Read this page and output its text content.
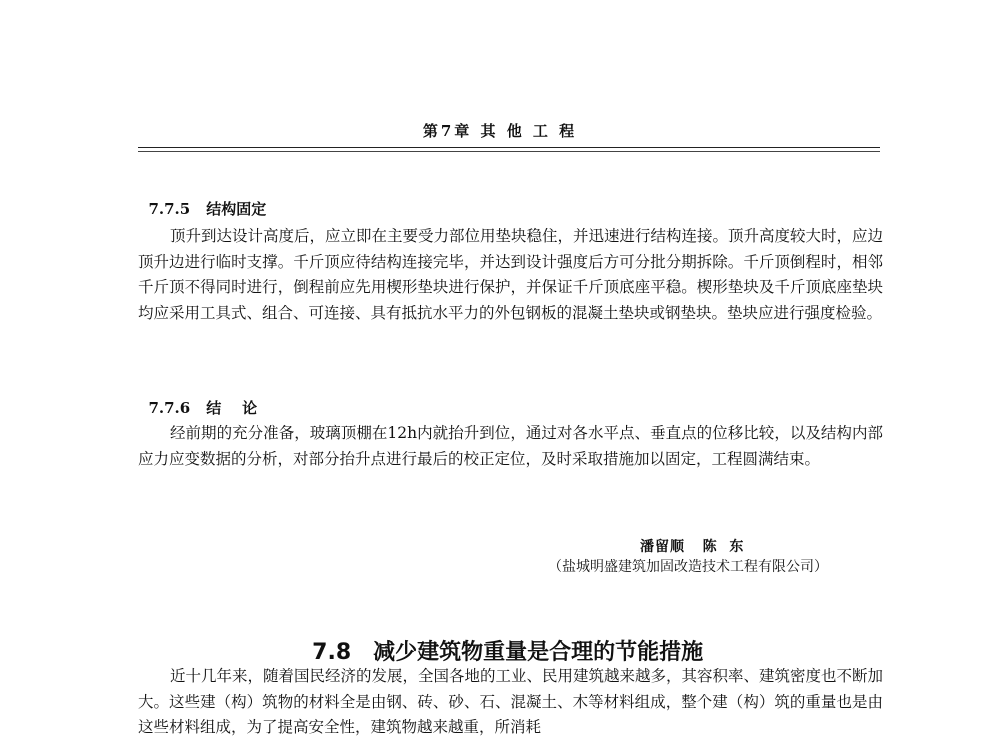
第7章 其 他 工 程

7.7.5 结构固定

顶升到达设计高度后，应立即在主要受力部位用垫块稳住，并迅速进行结构连接。顶升高度较大时，应边顶升边进行临时支撑。千斤顶应待结构连接完毕，并达到设计强度后方可分批分期拆除。千斤顶倒程时，相邻千斤顶不得同时进行，倒程前应先用楔形垫块进行保护，并保证千斤顶底座平稳。楔形垫块及千斤顶底座垫块均应采用工具式、组合、可连接、具有抵抗水平力的外包钢板的混凝土垫块或钢垫块。垫块应进行强度检验。

7.7.6 结    论

经前期的充分准备，玻璃顶棚在12h内就抬升到位，通过对各水平点、垂直点的位移比较，以及结构内部应力应变数据的分析，对部分抬升点进行最后的校正定位，及时采取措施加以固定，工程圆满结束。
潘留顺   陈  东
（盐城明盛建筑加固改造技术工程有限公司）

7.8 减少建筑物重量是合理的节能措施

近十几年来，随着国民经济的发展，全国各地的工业、民用建筑越来越多，其容积率、建筑密度也不断加大。这些建（构）筑物的材料全是由钢、砖、砂、石、混凝土、木等材料组成，整个建（构）筑的重量也是由这些材料组成，为了提高安全性，建筑物越来越重，所消耗
